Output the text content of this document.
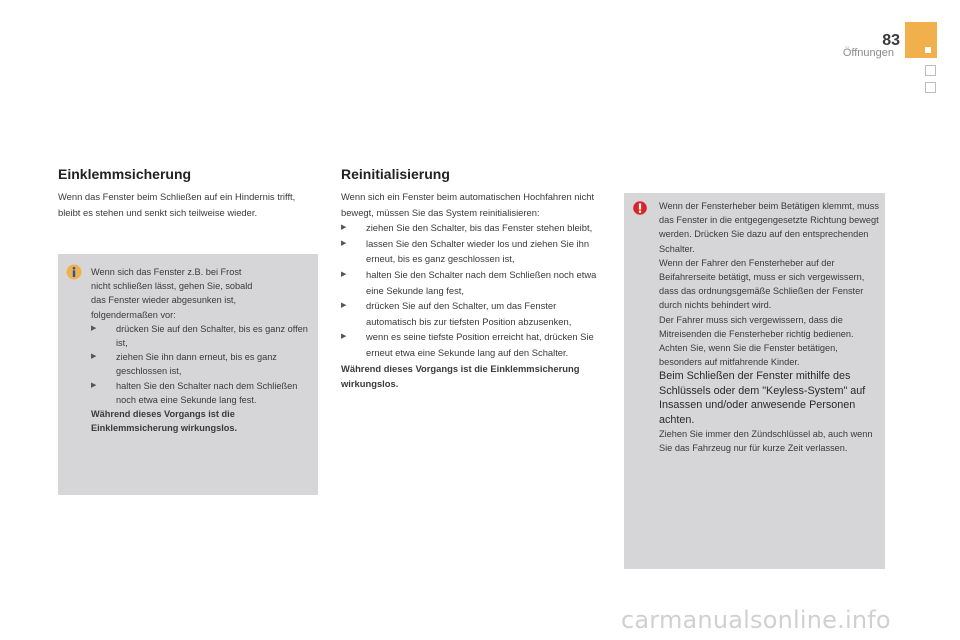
83
Öffnungen
Einklemmsicherung

Wenn das Fenster beim Schließen auf ein Hindernis trifft, bleibt es stehen und senkt sich teilweise wieder.

Wenn sich das Fenster z.B. bei Frost
nicht schließen lässt, gehen Sie, sobald
das Fenster wieder abgesunken ist,
folgendermaßen vor:
▶ drücken Sie auf den Schalter, bis es ganz offen ist,
▶ ziehen Sie ihn dann erneut, bis es ganz geschlossen ist,
▶ halten Sie den Schalter nach dem Schließen noch etwa eine Sekunde lang fest.
Während dieses Vorgangs ist die Einklemmsicherung wirkungslos.
Reinitialisierung
Wenn sich ein Fenster beim automatischen Hochfahren nicht bewegt, müssen Sie das System reinitialisieren:
▶ ziehen Sie den Schalter, bis das Fenster stehen bleibt,
▶ lassen Sie den Schalter wieder los und ziehen Sie ihn erneut, bis es ganz geschlossen ist,
▶ halten Sie den Schalter nach dem Schließen noch etwa eine Sekunde lang fest,
▶ drücken Sie auf den Schalter, um das Fenster automatisch bis zur tiefsten Position abzusenken,
▶ wenn es seine tiefste Position erreicht hat, drücken Sie erneut etwa eine Sekunde lang auf den Schalter.
Während dieses Vorgangs ist die Einklemmsicherung wirkungslos.
Wenn der Fensterheber beim Betätigen klemmt, muss das Fenster in die entgegengesetzte Richtung bewegt werden. Drücken Sie dazu auf den entsprechenden Schalter.
Wenn der Fahrer den Fensterheber auf der Beifahrerseite betätigt, muss er sich vergewissern, dass das ordnungsgemäße Schließen der Fenster durch nichts behindert wird.
Der Fahrer muss sich vergewissern, dass die Mitreisenden die Fensterheber richtig bedienen.
Achten Sie, wenn Sie die Fenster betätigen, besonders auf mitfahrende Kinder.
Beim Schließen der Fenster mithilfe des Schlüssels oder dem "Keyless-System" auf Insassen und/oder anwesende Personen achten.
Ziehen Sie immer den Zündschlüssel ab, auch wenn Sie das Fahrzeug nur für kurze Zeit verlassen.
carmanualsonline.info
